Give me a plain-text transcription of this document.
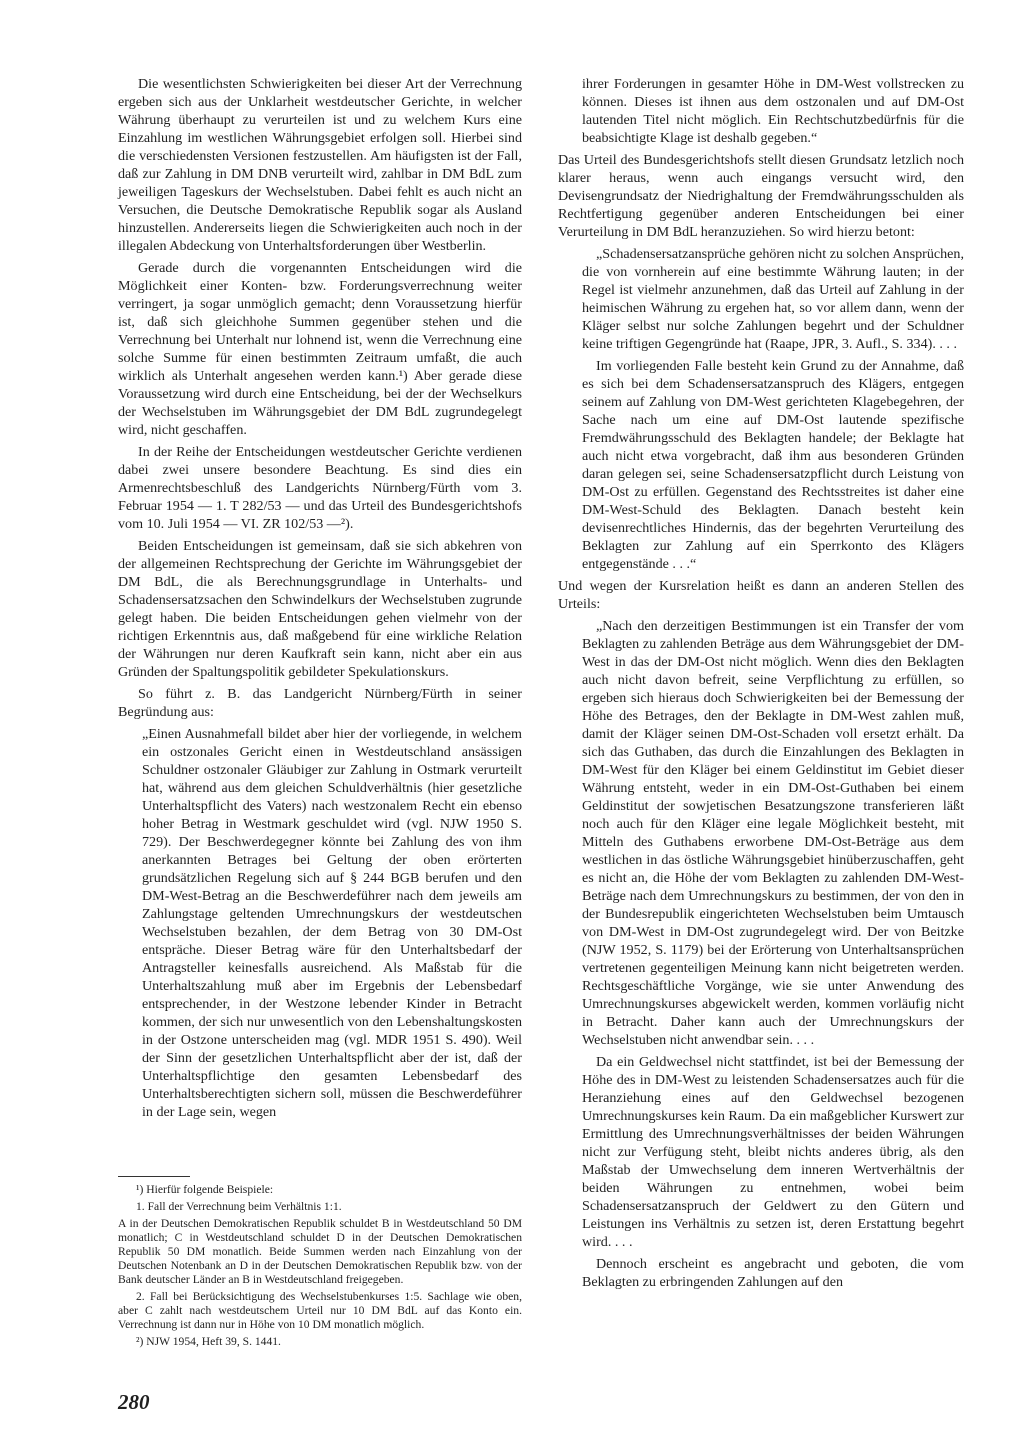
Die wesentlichsten Schwierigkeiten bei dieser Art der Verrechnung ergeben sich aus der Unklarheit westdeutscher Gerichte, in welcher Währung überhaupt zu verurteilen ist und zu welchem Kurs eine Einzahlung im westlichen Währungsgebiet erfolgen soll. Hierbei sind die verschiedensten Versionen festzustellen. Am häufigsten ist der Fall, daß zur Zahlung in DM DNB verurteilt wird, zahlbar in DM BdL zum jeweiligen Tageskurs der Wechselstuben. Dabei fehlt es auch nicht an Versuchen, die Deutsche Demokratische Republik sogar als Ausland hinzustellen. Andererseits liegen die Schwierigkeiten auch noch in der illegalen Abdeckung von Unterhaltsforderungen über Westberlin.

Gerade durch die vorgenannten Entscheidungen wird die Möglichkeit einer Konten- bzw. Forderungsverrechnung weiter verringert, ja sogar unmöglich gemacht; denn Voraussetzung hierfür ist, daß sich gleichhohe Summen gegenüber stehen und die Verrechnung bei Unterhalt nur lohnend ist, wenn die Verrechnung eine solche Summe für einen bestimmten Zeitraum umfaßt, die auch wirklich als Unterhalt angesehen werden kann.¹) Aber gerade diese Voraussetzung wird durch eine Entscheidung, bei der der Wechselkurs der Wechselstuben im Währungsgebiet der DM BdL zugrundegelegt wird, nicht geschaffen.

In der Reihe der Entscheidungen westdeutscher Gerichte verdienen dabei zwei unsere besondere Beachtung. Es sind dies ein Armenrechtsbeschluß des Landgerichts Nürnberg/Fürth vom 3. Februar 1954 — 1. T 282/53 — und das Urteil des Bundesgerichtshofs vom 10. Juli 1954 — VI. ZR 102/53 —²).

Beiden Entscheidungen ist gemeinsam, daß sie sich abkehren von der allgemeinen Rechtsprechung der Gerichte im Währungsgebiet der DM BdL, die als Berechnungsgrundlage in Unterhalts- und Schadensersatzsachen den Schwindelkurs der Wechselstuben zugrunde gelegt haben. Die beiden Entscheidungen gehen vielmehr von der richtigen Erkenntnis aus, daß maßgebend für eine wirkliche Relation der Währungen nur deren Kaufkraft sein kann, nicht aber ein aus Gründen der Spaltungspolitik gebildeter Spekulationskurs.

So führt z. B. das Landgericht Nürnberg/Fürth in seiner Begründung aus:

„Einen Ausnahmefall bildet aber hier der vorliegende, in welchem ein ostzonales Gericht einen in Westdeutschland ansässigen Schuldner ostzonaler Gläubiger zur Zahlung in Ostmark verurteilt hat, während aus dem gleichen Schuldverhältnis (hier gesetzliche Unterhaltspflicht des Vaters) nach westzonalem Recht ein ebenso hoher Betrag in Westmark geschuldet wird (vgl. NJW 1950 S. 729). Der Beschwerdegegner könnte bei Zahlung des von ihm anerkannten Betrages bei Geltung der oben erörterten grundsätzlichen Regelung sich auf § 244 BGB berufen und den DM-West-Betrag an die Beschwerdeführer nach dem jeweils am Zahlungstage geltenden Umrechnungskurs der westdeutschen Wechselstuben bezahlen, der dem Betrag von 30 DM-Ost entspräche. Dieser Betrag wäre für den Unterhaltsbedarf der Antragsteller keinesfalls ausreichend. Als Maßstab für die Unterhaltszahlung muß aber im Ergebnis der Lebensbedarf entsprechender, in der Westzone lebender Kinder in Betracht kommen, der sich nur unwesentlich von den Lebenshaltungskosten in der Ostzone unterscheiden mag (vgl. MDR 1951 S. 490). Weil der Sinn der gesetzlichen Unterhaltspflicht aber der ist, daß der Unterhaltspflichtige den gesamten Lebensbedarf des Unterhaltsberechtigten sichern soll, müssen die Beschwerdeführer in der Lage sein, wegen

¹) Hierfür folgende Beispiele:

1. Fall der Verrechnung beim Verhältnis 1:1.

A in der Deutschen Demokratischen Republik schuldet B in Westdeutschland 50 DM monatlich; C in Westdeutschland schuldet D in der Deutschen Demokratischen Republik 50 DM monatlich. Beide Summen werden nach Einzahlung von der Deutschen Notenbank an D in der Deutschen Demokratischen Republik bzw. von der Bank deutscher Länder an B in Westdeutschland freigegeben.

2. Fall bei Berücksichtigung des Wechselstubenkurses 1:5. Sachlage wie oben, aber C zahlt nach westdeutschem Urteil nur 10 DM BdL auf das Konto ein. Verrechnung ist dann nur in Höhe von 10 DM monatlich möglich.

²) NJW 1954, Heft 39, S. 1441.

280

ihrer Forderungen in gesamter Höhe in DM-West vollstrecken zu können. Dieses ist ihnen aus dem ostzonalen und auf DM-Ost lautenden Titel nicht möglich. Ein Rechtschutzbedürfnis für die beabsichtigte Klage ist deshalb gegeben.“

Das Urteil des Bundesgerichtshofs stellt diesen Grundsatz letzlich noch klarer heraus, wenn auch eingangs versucht wird, den Devisengrundsatz der Niedrighaltung der Fremdwährungsschulden als Rechtfertigung gegenüber anderen Entscheidungen bei einer Verurteilung in DM BdL heranzuziehen. So wird hierzu betont:

„Schadensersatzansprüche gehören nicht zu solchen Ansprüchen, die von vornherein auf eine bestimmte Währung lauten; in der Regel ist vielmehr anzunehmen, daß das Urteil auf Zahlung in der heimischen Währung zu ergehen hat, so vor allem dann, wenn der Kläger selbst nur solche Zahlungen begehrt und der Schuldner keine triftigen Gegengründe hat (Raape, JPR, 3. Aufl., S. 334). . . .

Im vorliegenden Falle besteht kein Grund zu der Annahme, daß es sich bei dem Schadensersatzanspruch des Klägers, entgegen seinem auf Zahlung von DM-West gerichteten Klagebegehren, der Sache nach um eine auf DM-Ost lautende spezifische Fremdwährungsschuld des Beklagten handele; der Beklagte hat auch nicht etwa vorgebracht, daß ihm aus besonderen Gründen daran gelegen sei, seine Schadensersatzpflicht durch Leistung von DM-Ost zu erfüllen. Gegenstand des Rechtsstreites ist daher eine DM-West-Schuld des Beklagten. Danach besteht kein devisenrechtliches Hindernis, das der begehrten Verurteilung des Beklagten zur Zahlung auf ein Sperrkonto des Klägers entgegenstände . . .“

Und wegen der Kursrelation heißt es dann an anderen Stellen des Urteils:

„Nach den derzeitigen Bestimmungen ist ein Transfer der vom Beklagten zu zahlenden Beträge aus dem Währungsgebiet der DM-West in das der DM-Ost nicht möglich. Wenn dies den Beklagten auch nicht davon befreit, seine Verpflichtung zu erfüllen, so ergeben sich hieraus doch Schwierigkeiten bei der Bemessung der Höhe des Betrages, den der Beklagte in DM-West zahlen muß, damit der Kläger seinen DM-Ost-Schaden voll ersetzt erhält. Da sich das Guthaben, das durch die Einzahlungen des Beklagten in DM-West für den Kläger bei einem Geldinstitut im Gebiet dieser Währung entsteht, weder in ein DM-Ost-Guthaben bei einem Geldinstitut der sowjetischen Besatzungszone transferieren läßt noch auch für den Kläger eine legale Möglichkeit besteht, mit Mitteln des Guthabens erworbene DM-Ost-Beträge aus dem westlichen in das östliche Währungsgebiet hinüberzuschaffen, geht es nicht an, die Höhe der vom Beklagten zu zahlenden DM-West-Beträge nach dem Umrechnungskurs zu bestimmen, der von den in der Bundesrepublik eingerichteten Wechselstuben beim Umtausch von DM-West in DM-Ost zugrundegelegt wird. Der von Beitzke (NJW 1952, S. 1179) bei der Erörterung von Unterhaltsansprüchen vertretenen gegenteiligen Meinung kann nicht beigetreten werden. Rechtsgeschäftliche Vorgänge, wie sie unter Anwendung des Umrechnungskurses abgewickelt werden, kommen vorläufig nicht in Betracht. Daher kann auch der Umrechnungskurs der Wechselstuben nicht anwendbar sein. . . .

Da ein Geldwechsel nicht stattfindet, ist bei der Bemessung der Höhe des in DM-West zu leistenden Schadensersatzes auch für die Heranziehung eines auf den Geldwechsel bezogenen Umrechnungskurses kein Raum. Da ein maßgeblicher Kurswert zur Ermittlung des Umrechnungsverhältnisses der beiden Währungen nicht zur Verfügung steht, bleibt nichts anderes übrig, als den Maßstab der Umwechselung dem inneren Wertverhältnis der beiden Währungen zu entnehmen, wobei beim Schadensersatzanspruch der Geldwert zu den Gütern und Leistungen ins Verhältnis zu setzen ist, deren Erstattung begehrt wird. . . .

Dennoch erscheint es angebracht und geboten, die vom Beklagten zu erbringenden Zahlungen auf den
